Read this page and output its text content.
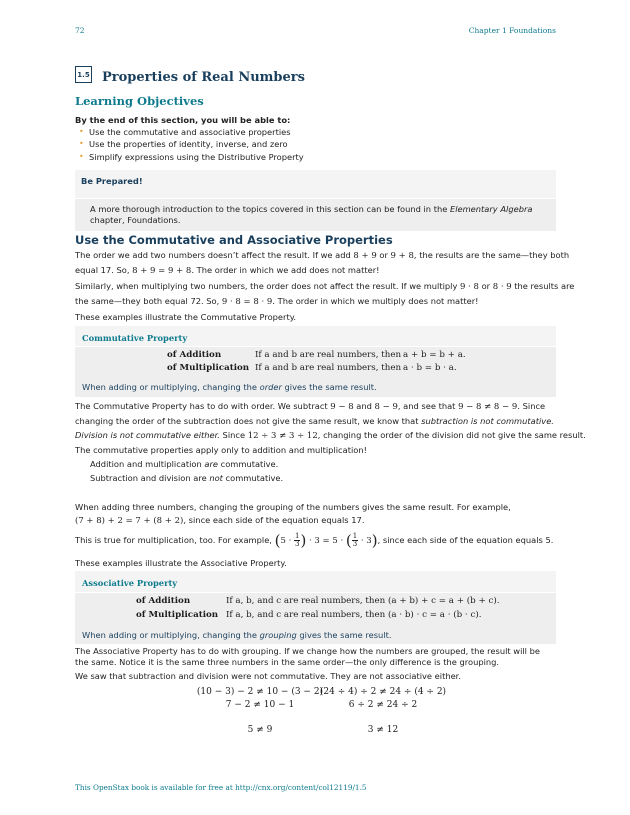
72	Chapter 1 Foundations
1.5 Properties of Real Numbers
Learning Objectives
By the end of this section, you will be able to:
• Use the commutative and associative properties
• Use the properties of identity, inverse, and zero
• Simplify expressions using the Distributive Property
Be Prepared!
A more thorough introduction to the topics covered in this section can be found in the Elementary Algebra chapter, Foundations.
Use the Commutative and Associative Properties
The order we add two numbers doesn’t affect the result. If we add 8 + 9 or 9 + 8, the results are the same—they both
equal 17. So, 8 + 9 = 9 + 8. The order in which we add does not matter!
Similarly, when multiplying two numbers, the order does not affect the result. If we multiply 9 · 8 or 8 · 9 the results are
the same—they both equal 72. So, 9 · 8 = 8 · 9. The order in which we multiply does not matter!
These examples illustrate the Commutative Property.
Commutative Property
of Addition	If a and b are real numbers, then a + b = b + a.
of Multiplication If a and b are real numbers, then a · b = b · a.
When adding or multiplying, changing the order gives the same result.
The Commutative Property has to do with order. We subtract 9 − 8 and 8 − 9, and see that 9 − 8 ≠ 8 − 9. Since
changing the order of the subtraction does not give the same result, we know that subtraction is not commutative.
Division is not commutative either. Since 12 ÷ 3 ≠ 3 ÷ 12, changing the order of the division did not give the same result.
The commutative properties apply only to addition and multiplication!
Addition and multiplication are commutative.
Subtraction and division are not commutative.
When adding three numbers, changing the grouping of the numbers gives the same result. For example,
(7 + 8) + 2 = 7 + (8 + 2), since each side of the equation equals 17.
This is true for multiplication, too. For example, ($5 \cdot \frac{1}{3}$ ) · 3 = 5 · ( $\frac{1}{3} \cdot 3$), since each side of the equation equals 5.
These examples illustrate the Associative Property.
Associative Property
of Addition	If a, b, and c are real numbers, then (a + b) + c = a + (b + c).
of Multiplication If a, b, and c are real numbers, then (a · b) · c = a · (b · c).
When adding or multiplying, changing the grouping gives the same result.
The Associative Property has to do with grouping. If we change how the numbers are grouped, the result will be the same. Notice it is the same three numbers in the same order—the only difference is the grouping.
We saw that subtraction and division were not commutative. They are not associative either.
(10 − 3) − 2 ≠ 10 − (3 − 2)
7 − 2 ≠ 10 − 1
5 ≠ 9
(24 ÷ 4) ÷ 2 ≠ 24 ÷ (4 ÷ 2)
6 ÷ 2 ≠ 24 ÷ 2
3 ≠ 12
This OpenStax book is available for free at http://cnx.org/content/col12119/1.5
